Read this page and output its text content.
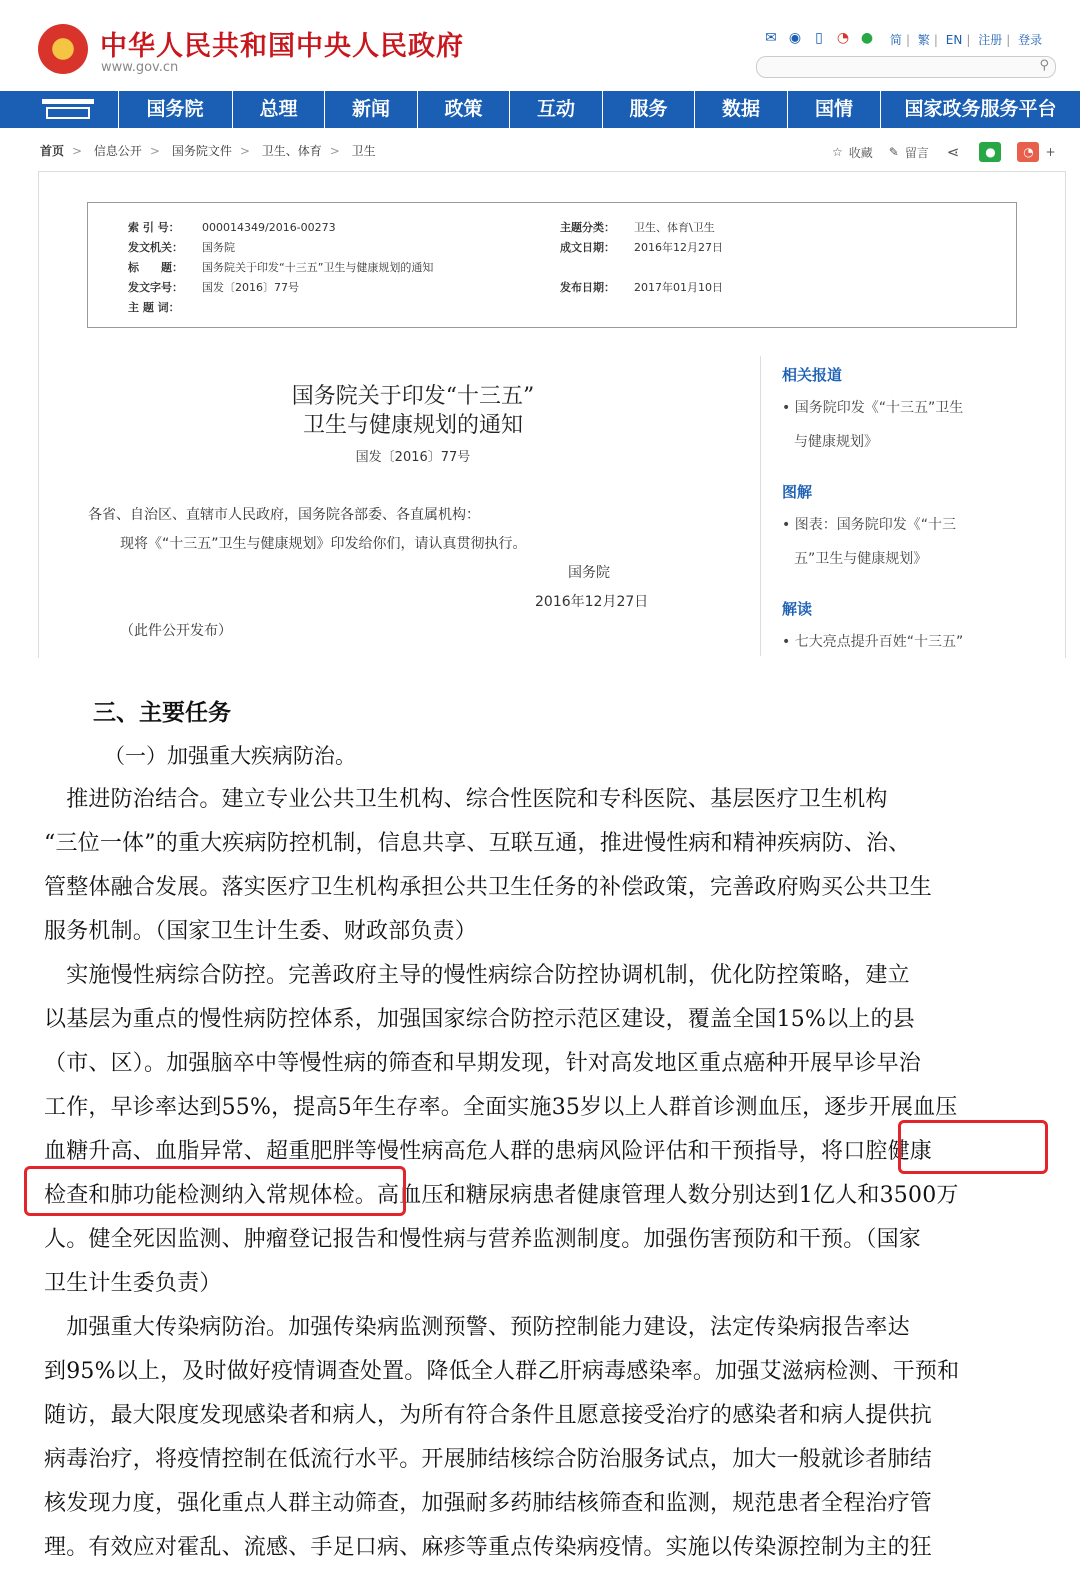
★	中华人民共和国中央人民政府
www.gov.cn
✉ ◉	▯	◔ ● 简 | 繁 | EN | 注册 | 登录
⚲
国务院	总理	新闻	政策	互动	服务	数据	国情	国家政务服务平台
首页 > 信息公开 > 国务院文件 > 卫生、体育 > 卫生	☆ 收藏 ✎ 留言 ⋖	●	◔ +
索 引 号： 000014349/2016-00273
发文机关： 国务院
标　　题： 国务院关于印发“十三五”卫生与健康规划的通知
发文字号： 国发〔2016〕77号
主 题 词：
主题分类： 卫生、体育\卫生
成文日期： 2016年12月27日
发布日期： 2017年01月10日
国务院关于印发“十三五”
卫生与健康规划的通知
国发〔2016〕77号
各省、自治区、直辖市人民政府，国务院各部委、各直属机构：
现将《“十三五”卫生与健康规划》印发给你们，请认真贯彻执行。
国务院
2016年12月27日
（此件公开发布）
相关报道
• 国务院印发《“十三五”卫生
与健康规划》
图解
• 图表：国务院印发《“十三
五”卫生与健康规划》
解读
• 七大亮点提升百姓“十三五”
三、主要任务
（一）加强重大疾病防治。
　推进防治结合。建立专业公共卫生机构、综合性医院和专科医院、基层医疗卫生机构
“三位一体”的重大疾病防控机制，信息共享、互联互通，推进慢性病和精神疾病防、治、
管整体融合发展。落实医疗卫生机构承担公共卫生任务的补偿政策，完善政府购买公共卫生
服务机制。（国家卫生计生委、财政部负责）
　实施慢性病综合防控。完善政府主导的慢性病综合防控协调机制，优化防控策略，建立
以基层为重点的慢性病防控体系，加强国家综合防控示范区建设，覆盖全国15%以上的县
（市、区）。加强脑卒中等慢性病的筛查和早期发现，针对高发地区重点癌种开展早诊早治
工作，早诊率达到55%，提高5年生存率。全面实施35岁以上人群首诊测血压，逐步开展血压
血糖升高、血脂异常、超重肥胖等慢性病高危人群的患病风险评估和干预指导，将口腔健康
检查和肺功能检测纳入常规体检。高血压和糖尿病患者健康管理人数分别达到1亿人和3500万
人。健全死因监测、肿瘤登记报告和慢性病与营养监测制度。加强伤害预防和干预。（国家
卫生计生委负责）
　加强重大传染病防治。加强传染病监测预警、预防控制能力建设，法定传染病报告率达
到95%以上，及时做好疫情调查处置。降低全人群乙肝病毒感染率。加强艾滋病检测、干预和
随访，最大限度发现感染者和病人，为所有符合条件且愿意接受治疗的感染者和病人提供抗
病毒治疗，将疫情控制在低流行水平。开展肺结核综合防治服务试点，加大一般就诊者肺结
核发现力度，强化重点人群主动筛查，加强耐多药肺结核筛查和监测，规范患者全程治疗管
理。有效应对霍乱、流感、手足口病、麻疹等重点传染病疫情。实施以传染源控制为主的狂
